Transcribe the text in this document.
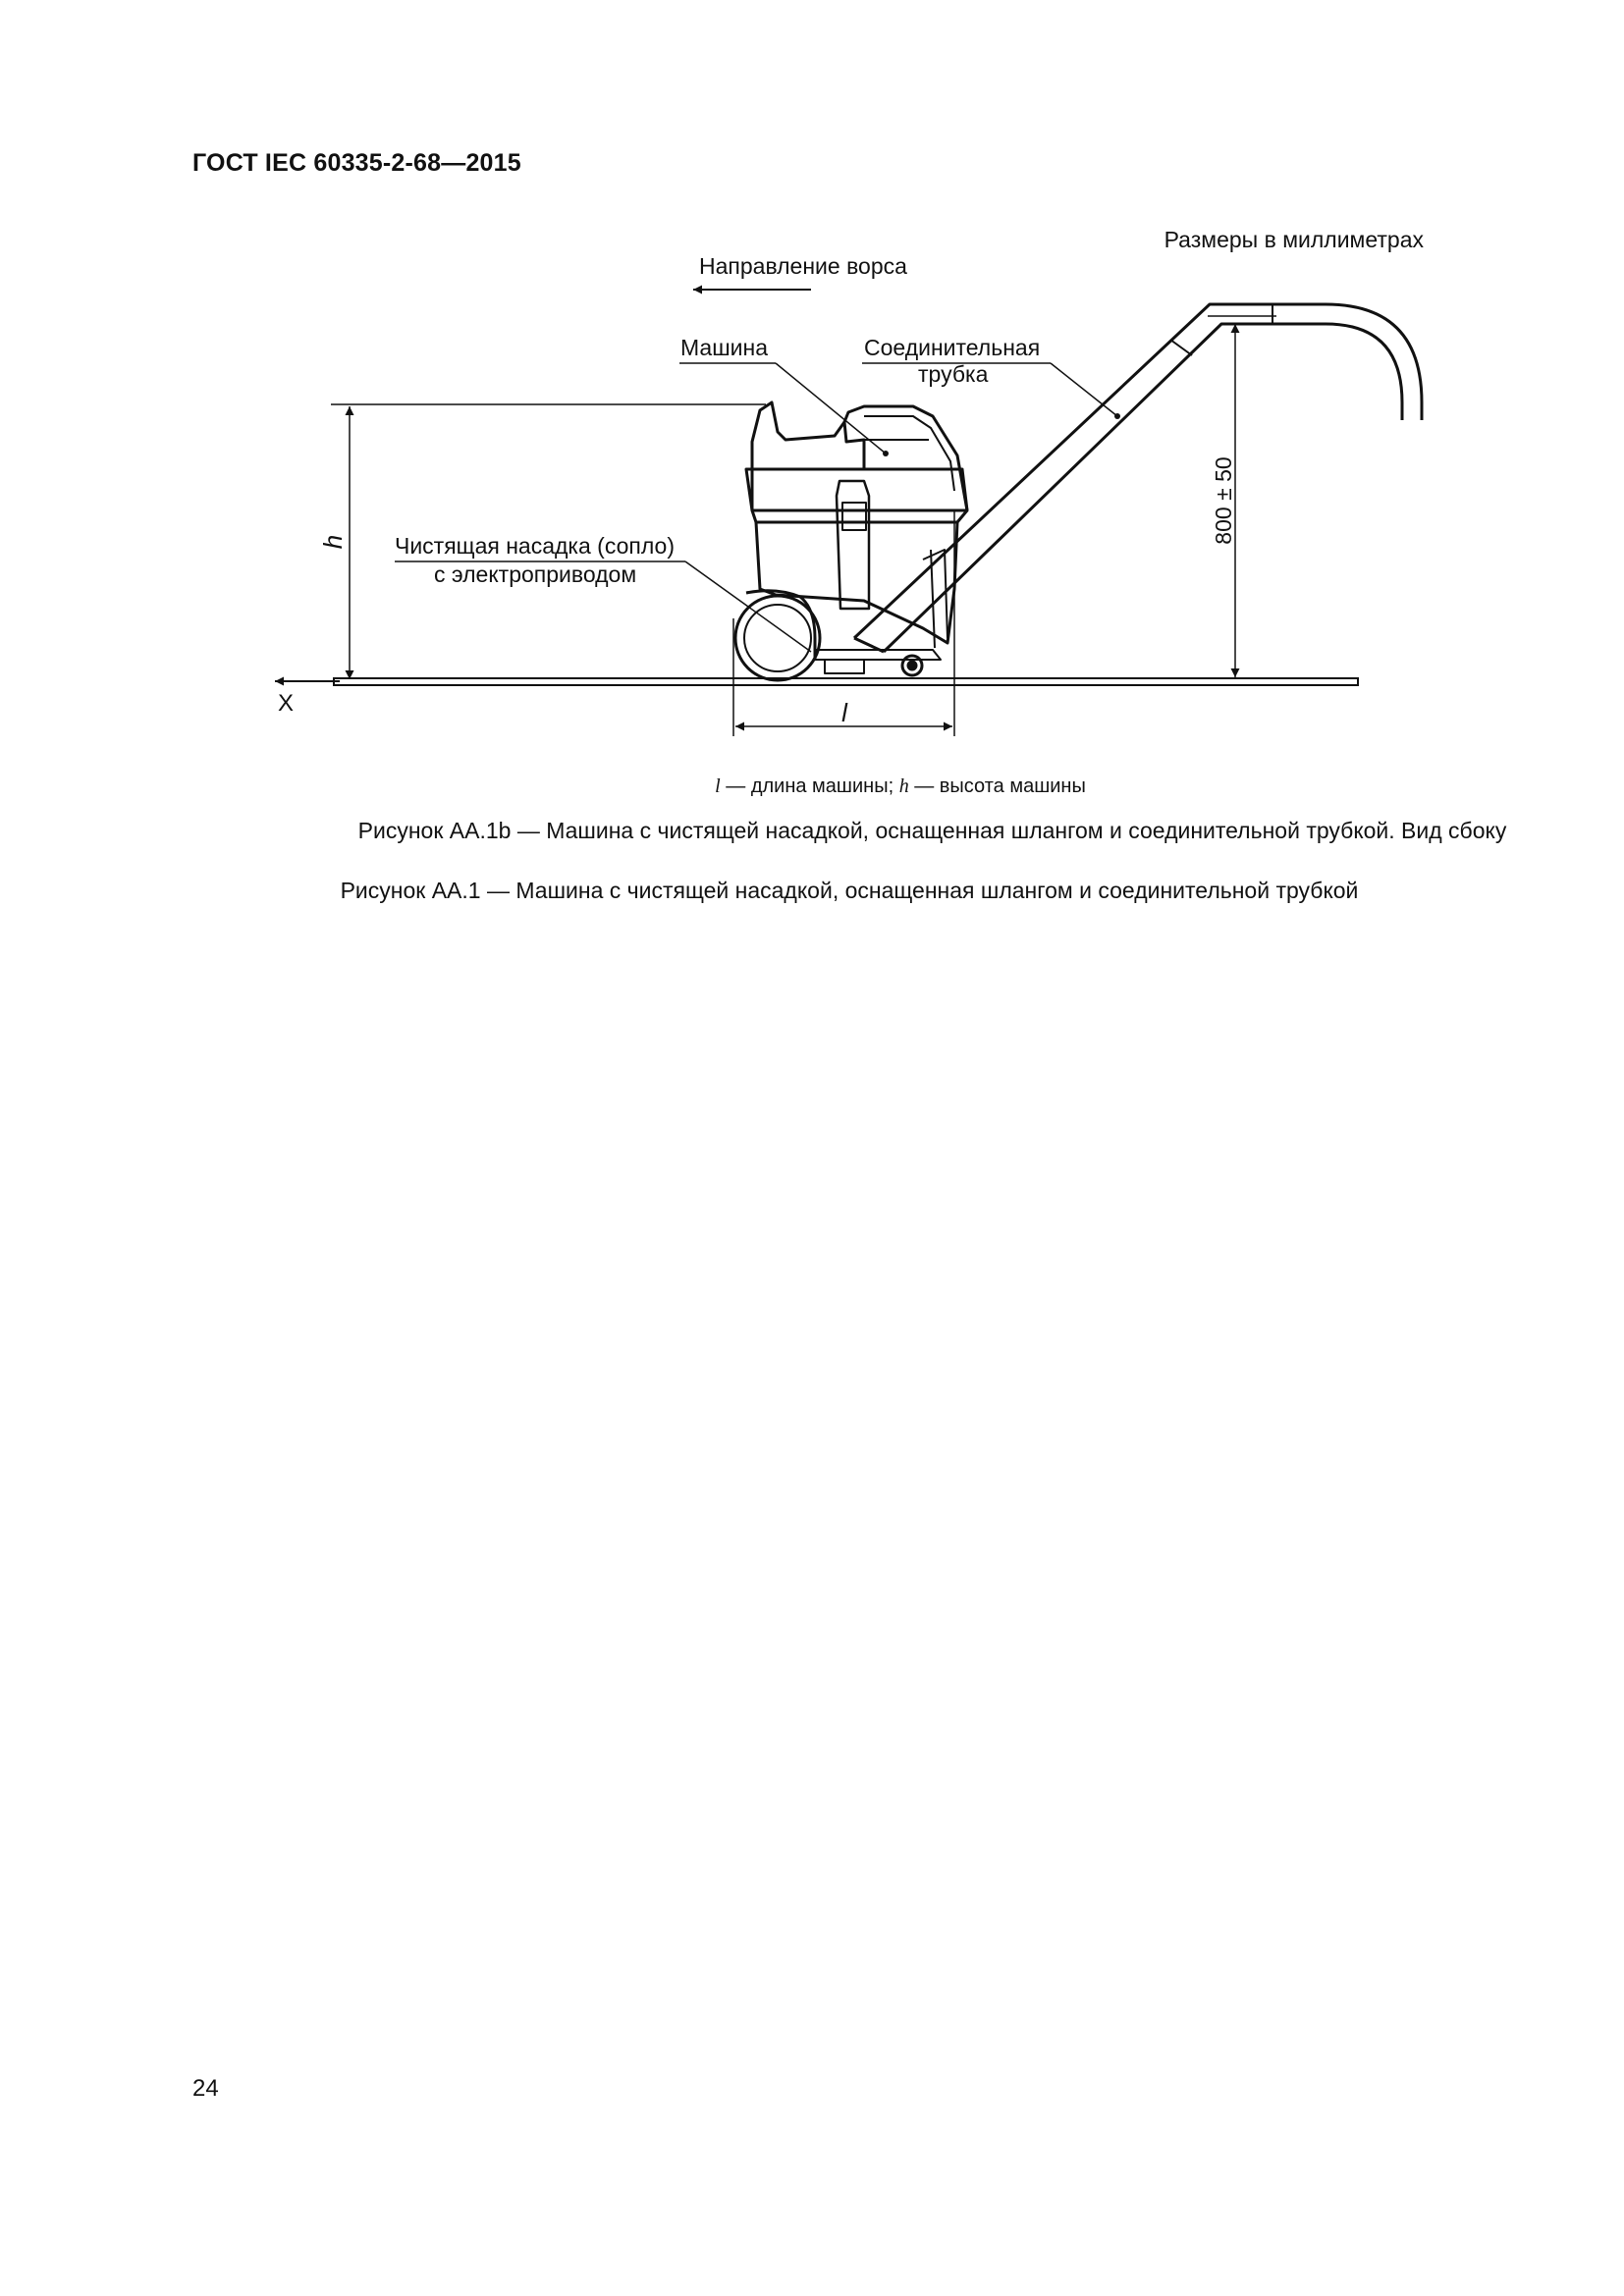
ГОСТ IEC 60335-2-68—2015
Размеры в миллиметрах
Направление ворса
Машина	Соединительная
трубка
Чистящая насадка (сопло)
с электроприводом
h
X	l
800 ± 50
l — длина машины; h — высота машины
Рисунок АА.1b — Машина с чистящей насадкой, оснащенная шлангом и соединительной трубкой. Вид сбоку
Рисунок АА.1 — Машина с чистящей насадкой, оснащенная шлангом и соединительной трубкой
24
